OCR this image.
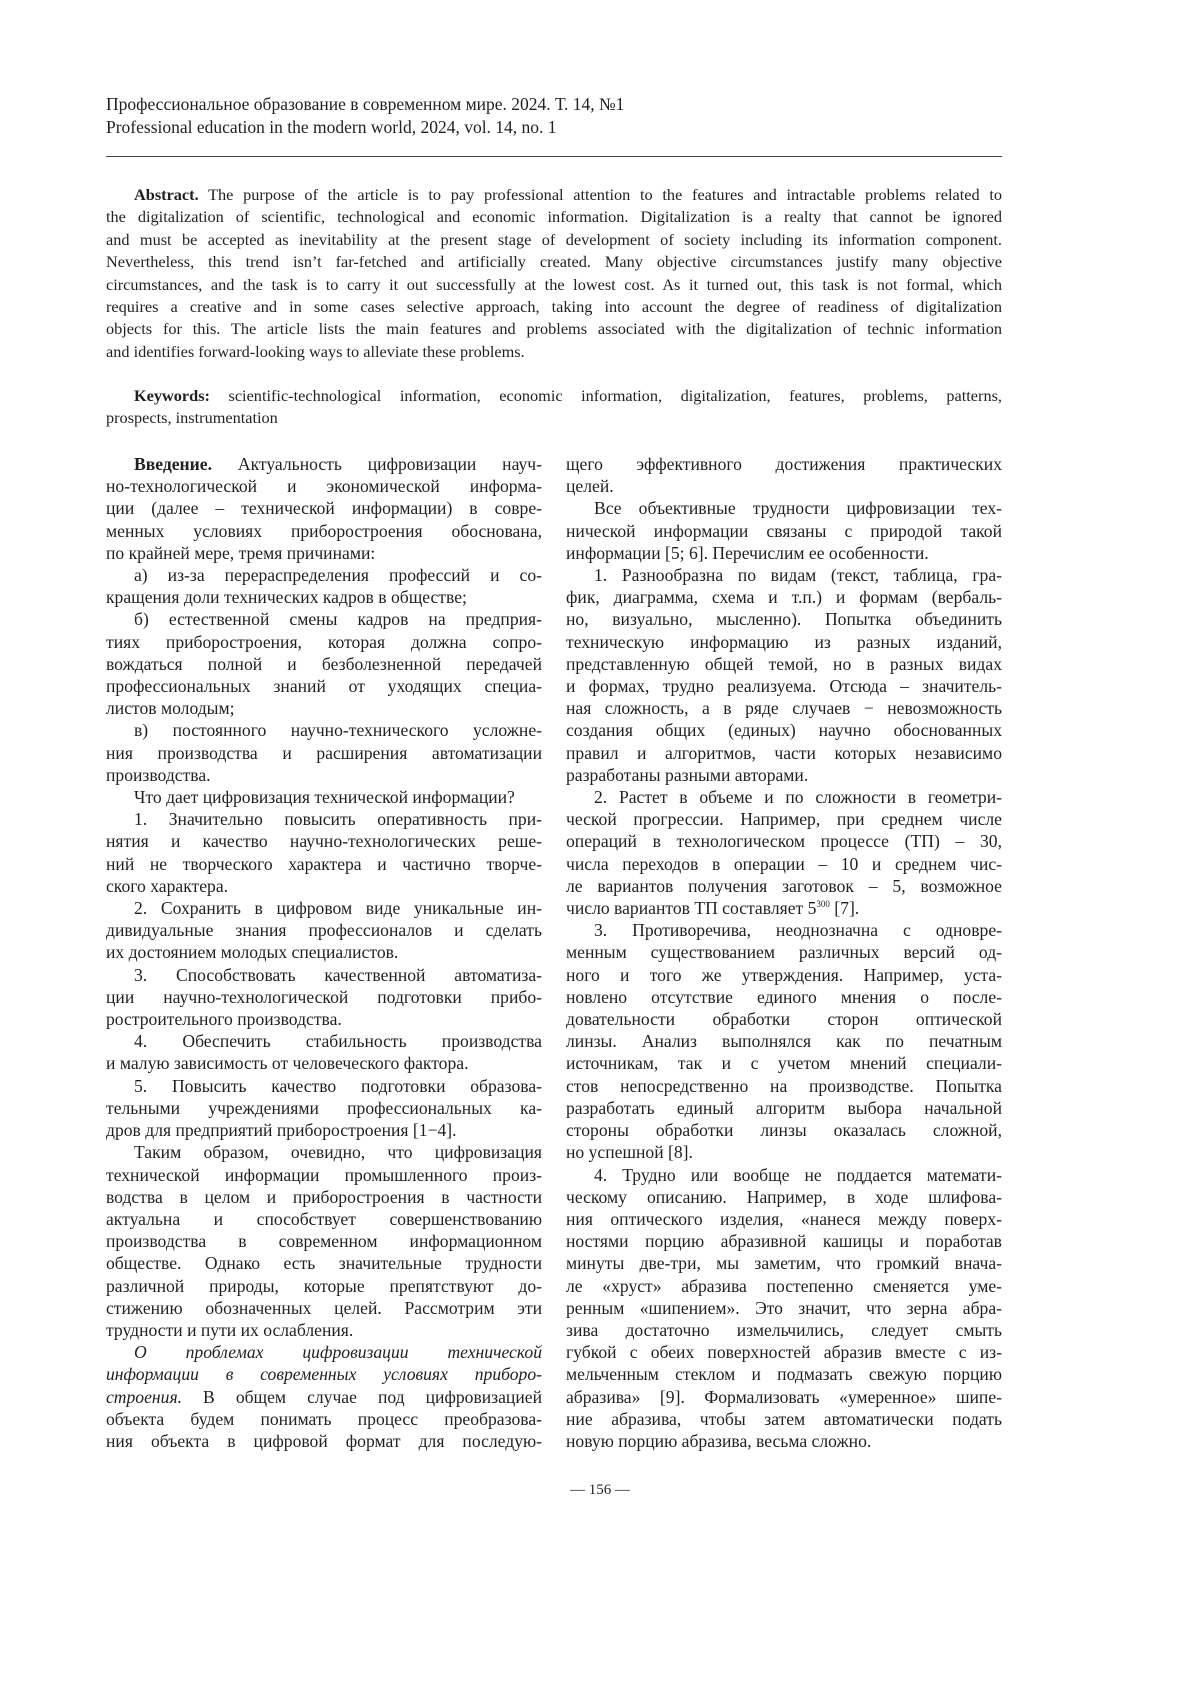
Профессиональное образование в современном мире. 2024. Т. 14, №1
Professional education in the modern world, 2024, vol. 14, no. 1
Abstract. The purpose of the article is to pay professional attention to the features and intractable problems related to
the digitalization of scientific, technological and economic information. Digitalization is a realty that cannot be ignored
and must be accepted as inevitability at the present stage of development of society including its information component.
Nevertheless, this trend isn’t far-fetched and artificially created. Many objective circumstances justify many objective
circumstances, and the task is to carry it out successfully at the lowest cost. As it turned out, this task is not formal, which
requires a creative and in some cases selective approach, taking into account the degree of readiness of digitalization
objects for this. The article lists the main features and problems associated with the digitalization of technic information
and identifies forward-looking ways to alleviate these problems.
Keywords: scientific-technological information, economic information, digitalization, features, problems, patterns,
prospects, instrumentation
Введение. Актуальность цифровизации науч-
но-технологической и экономической информа-
ции (далее – технической информации) в совре-
менных условиях приборостроения обоснована,
по крайней мере, тремя причинами:
а) из-за перераспределения профессий и со-
кращения доли технических кадров в обществе;
б) естественной смены кадров на предприя-
тиях приборостроения, которая должна сопро-
вождаться полной и безболезненной передачей
профессиональных знаний от уходящих специа-
листов молодым;
в) постоянного научно-технического усложне-
ния производства и расширения автоматизации
производства.
Что дает цифровизация технической информации?
1. Значительно повысить оперативность при-
нятия и качество научно-технологических реше-
ний не творческого характера и частично творче-
ского характера.
2. Сохранить в цифровом виде уникальные ин-
дивидуальные знания профессионалов и сделать
их достоянием молодых специалистов.
3. Способствовать качественной автоматиза-
ции научно-технологической подготовки прибо-
ростроительного производства.
4. Обеспечить стабильность производства
и малую зависимость от человеческого фактора.
5. Повысить качество подготовки образова-
тельными учреждениями профессиональных ка-
дров для предприятий приборостроения [1−4].
Таким образом, очевидно, что цифровизация
технической информации промышленного произ-
водства в целом и приборостроения в частности
актуальна и способствует совершенствованию
производства в современном информационном
обществе. Однако есть значительные трудности
различной природы, которые препятствуют до-
стижению обозначенных целей. Рассмотрим эти
трудности и пути их ослабления.
О проблемах цифровизации технической
информации в современных условиях приборо-
строения. В общем случае под цифровизацией
объекта будем понимать процесс преобразова-
ния объекта в цифровой формат для последую-
щего эффективного достижения практических
целей.
Все объективные трудности цифровизации тех-
нической информации связаны с природой такой
информации [5; 6]. Перечислим ее особенности.
1. Разнообразна по видам (текст, таблица, гра-
фик, диаграмма, схема и т.п.) и формам (вербаль-
но, визуально, мысленно). Попытка объединить
техническую информацию из разных изданий,
представленную общей темой, но в разных видах
и формах, трудно реализуема. Отсюда – значитель-
ная сложность, а в ряде случаев − невозможность
создания общих (единых) научно обоснованных
правил и алгоритмов, части которых независимо
разработаны разными авторами.
2. Растет в объеме и по сложности в геометри-
ческой прогрессии. Например, при среднем числе
операций в технологическом процессе (ТП) – 30,
числа переходов в операции – 10 и среднем чис-
ле вариантов получения заготовок – 5, возможное
число вариантов ТП составляет 5300 [7].
3. Противоречива, неоднозначна с одновре-
менным существованием различных версий од-
ного и того же утверждения. Например, уста-
новлено отсутствие единого мнения о после-
довательности обработки сторон оптической
линзы. Анализ выполнялся как по печатным
источникам, так и с учетом мнений специали-
стов непосредственно на производстве. Попытка
разработать единый алгоритм выбора начальной
стороны обработки линзы оказалась сложной,
но успешной [8].
4. Трудно или вообще не поддается математи-
ческому описанию. Например, в ходе шлифова-
ния оптического изделия, «нанеся между поверх-
ностями порцию абразивной кашицы и поработав
минуты две-три, мы заметим, что громкий внача-
ле «хруст» абразива постепенно сменяется уме-
ренным «шипением». Это значит, что зерна абра-
зива достаточно измельчились, следует смыть
губкой с обеих поверхностей абразив вместе с из-
мельченным стеклом и подмазать свежую порцию
абразива» [9]. Формализовать «умеренное» шипе-
ние абразива, чтобы затем автоматически подать
новую порцию абразива, весьма сложно.
— 156 —
